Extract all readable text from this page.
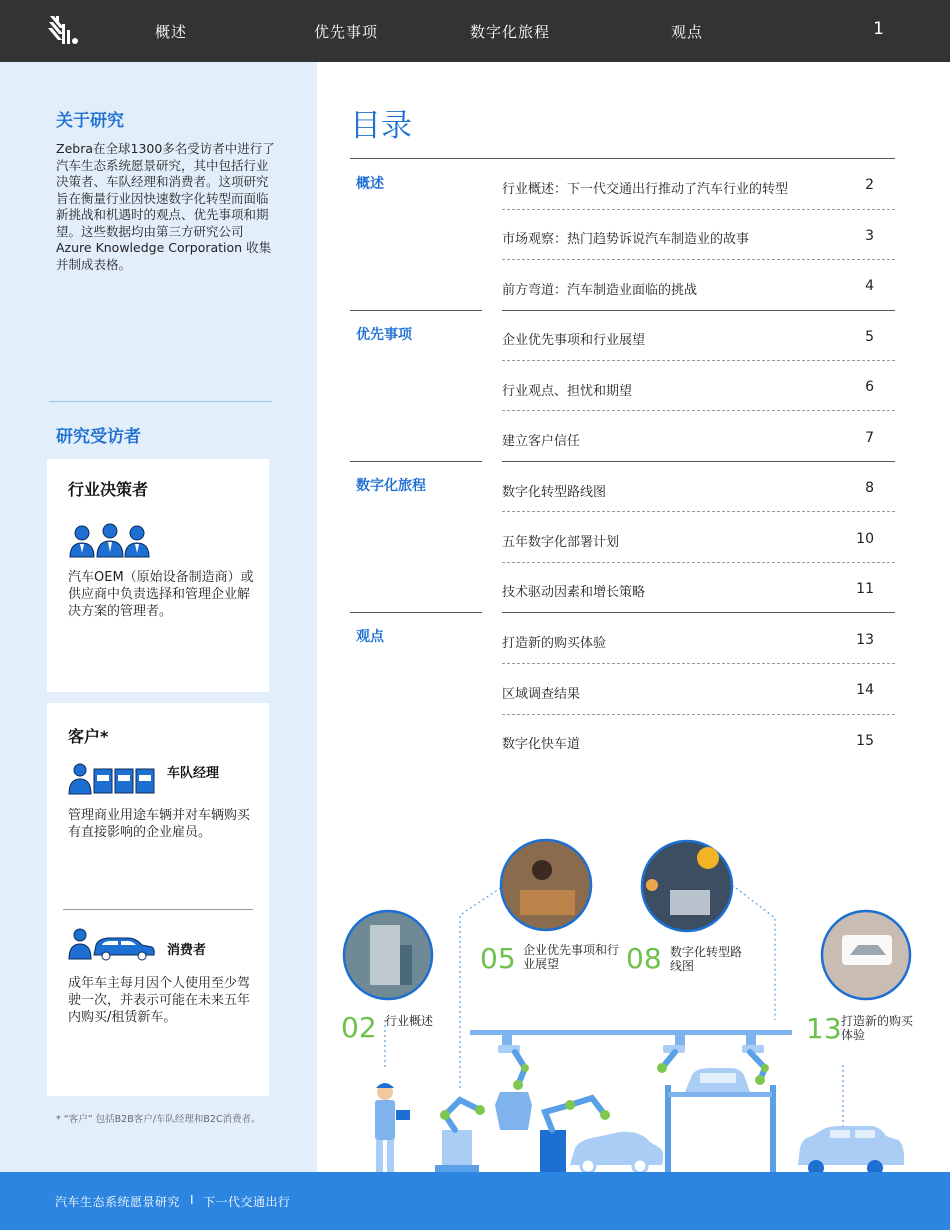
概述	优先事项	数字化旅程	观点	1
关于研究
Zebra在全球1300多名受访者中进行了汽车生态系统愿景研究，其中包括行业决策者、车队经理和消费者。这项研究旨在衡量行业因快速数字化转型而面临新挑战和机遇时的观点、优先事项和期望。这些数据均由第三方研究公司 Azure Knowledge Corporation 收集并制成表格。
研究受访者
行业决策者
汽车OEM（原始设备制造商）或供应商中负责选择和管理企业解决方案的管理者。
客户*
车队经理
管理商业用途车辆并对车辆购买有直接影响的企业雇员。
消费者
成年车主每月因个人使用至少驾驶一次，并表示可能在未来五年内购买/租赁新车。
* “客户” 包括B2B客户/车队经理和B2C消费者。
目录
概述	行业概述：下一代交通出行推动了汽车行业的转型	2
市场观察：热门趋势诉说汽车制造业的故事	3
前方弯道：汽车制造业面临的挑战	4
优先事项	企业优先事项和行业展望	5
行业观点、担忧和期望	6
建立客户信任	7
数字化旅程	数字化转型路线图	8
五年数字化部署计划	10
技术驱动因素和增长策略	11
观点	打造新的购买体验	13
区域调查结果	14
数字化快车道	15
02 行业概述
05 企业优先事项和行业展望	08 数字化转型路线图
13 打造新的购买体验
汽车生态系统愿景研究 I 下一代交通出行
